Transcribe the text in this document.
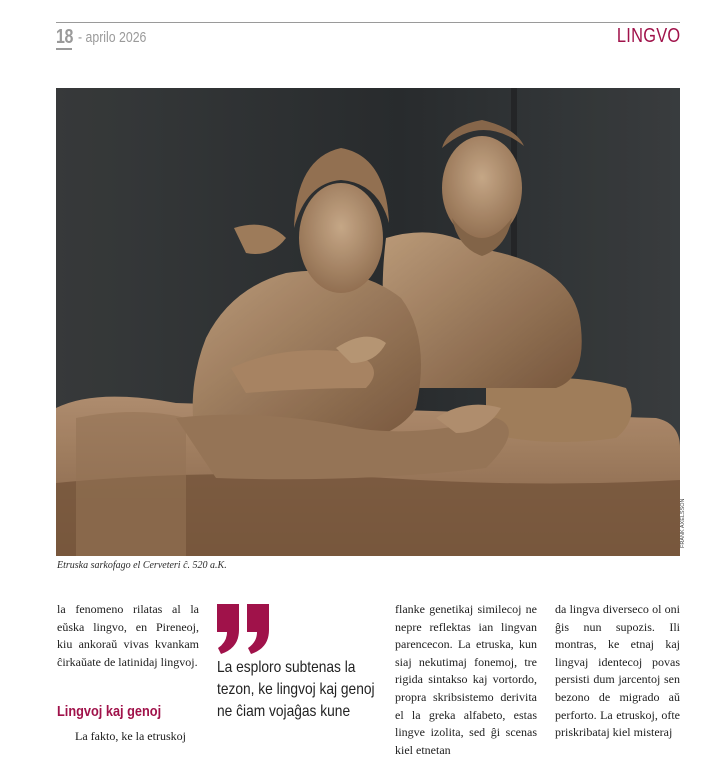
18 - aprilo 2026	LINGVO
FRANK AXELSSON
Etruska sarkofago el Cerveteri ĉ. 520 a.K.

la fenomeno rilatas al la eŭska lingvo, en Pireneoj, kiu ankoraŭ vivas kvankam ĉirkaŭate de latinidaj lingvoj.

Lingvoj kaj genoj
La fakto, ke la etruskoj
La esploro subtenas la tezon, ke lingvoj kaj genoj ne ĉiam vojaĝas kune

flanke genetikaj similecoj ne nepre reflektas ian lingvan parencecon. La etruska, kun siaj nekutimaj fonemoj, tre rigida sintakso kaj vortordo, propra skribsistemo derivita el la greka alfabeto, estas lingve izolita, sed ĝi scenas kiel etnetan

da lingva diverseco ol oni ĝis nun supozis. Ili montras, ke etnaj kaj lingvaj identecoj povas persisti dum jarcentoj sen bezono de migrado aŭ perforto. La etruskoj, ofte priskribataj kiel misteraj
